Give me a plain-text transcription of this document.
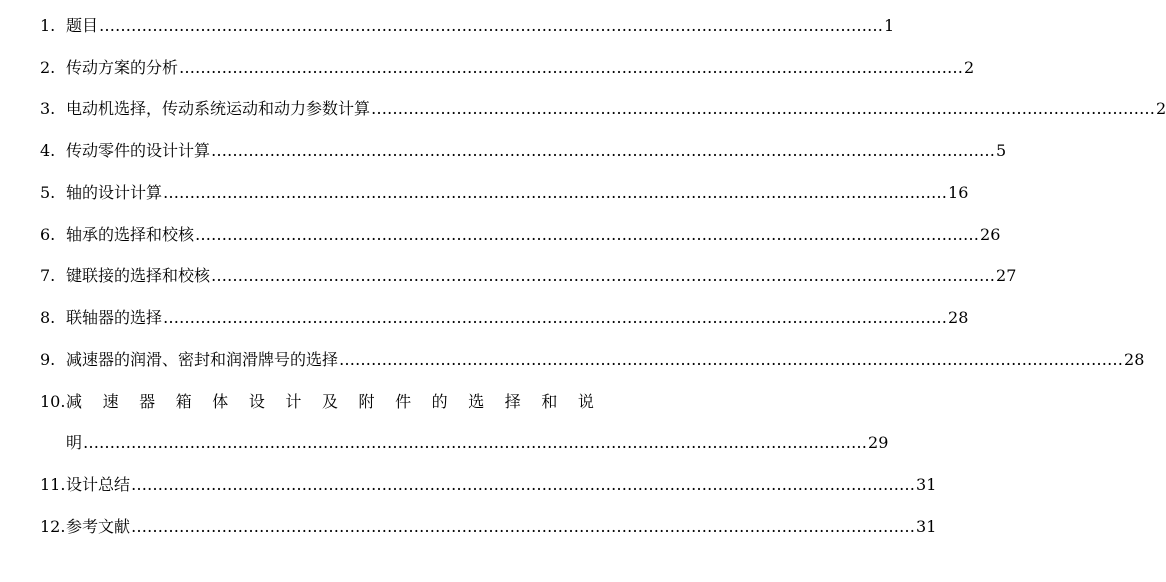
1. 题目 ………………………………………………………………………………………………………………………………… 1
2. 传动方案的分析 ………………………………………………………………………………………………………………………………… 2
3. 电动机选择，传动系统运动和动力参数计算 ………………………………………………………………………………………………………………………………… 2
4. 传动零件的设计计算 ………………………………………………………………………………………………………………………………… 5
5. 轴的设计计算 ………………………………………………………………………………………………………………………………… 16
6. 轴承的选择和校核 ………………………………………………………………………………………………………………………………… 26
7. 键联接的选择和校核 ………………………………………………………………………………………………………………………………… 27
8. 联轴器的选择 ………………………………………………………………………………………………………………………………… 28
9. 减速器的润滑、密封和润滑牌号的选择 ………………………………………………………………………………………………………………………………… 28
10. 减 速 器 箱 体 设 计 及 附 件 的 选 择 和 说
明 ………………………………………………………………………………………………………………………………… 29
11. 设计总结 ………………………………………………………………………………………………………………………………… 31
12. 参考文献 ………………………………………………………………………………………………………………………………… 31
